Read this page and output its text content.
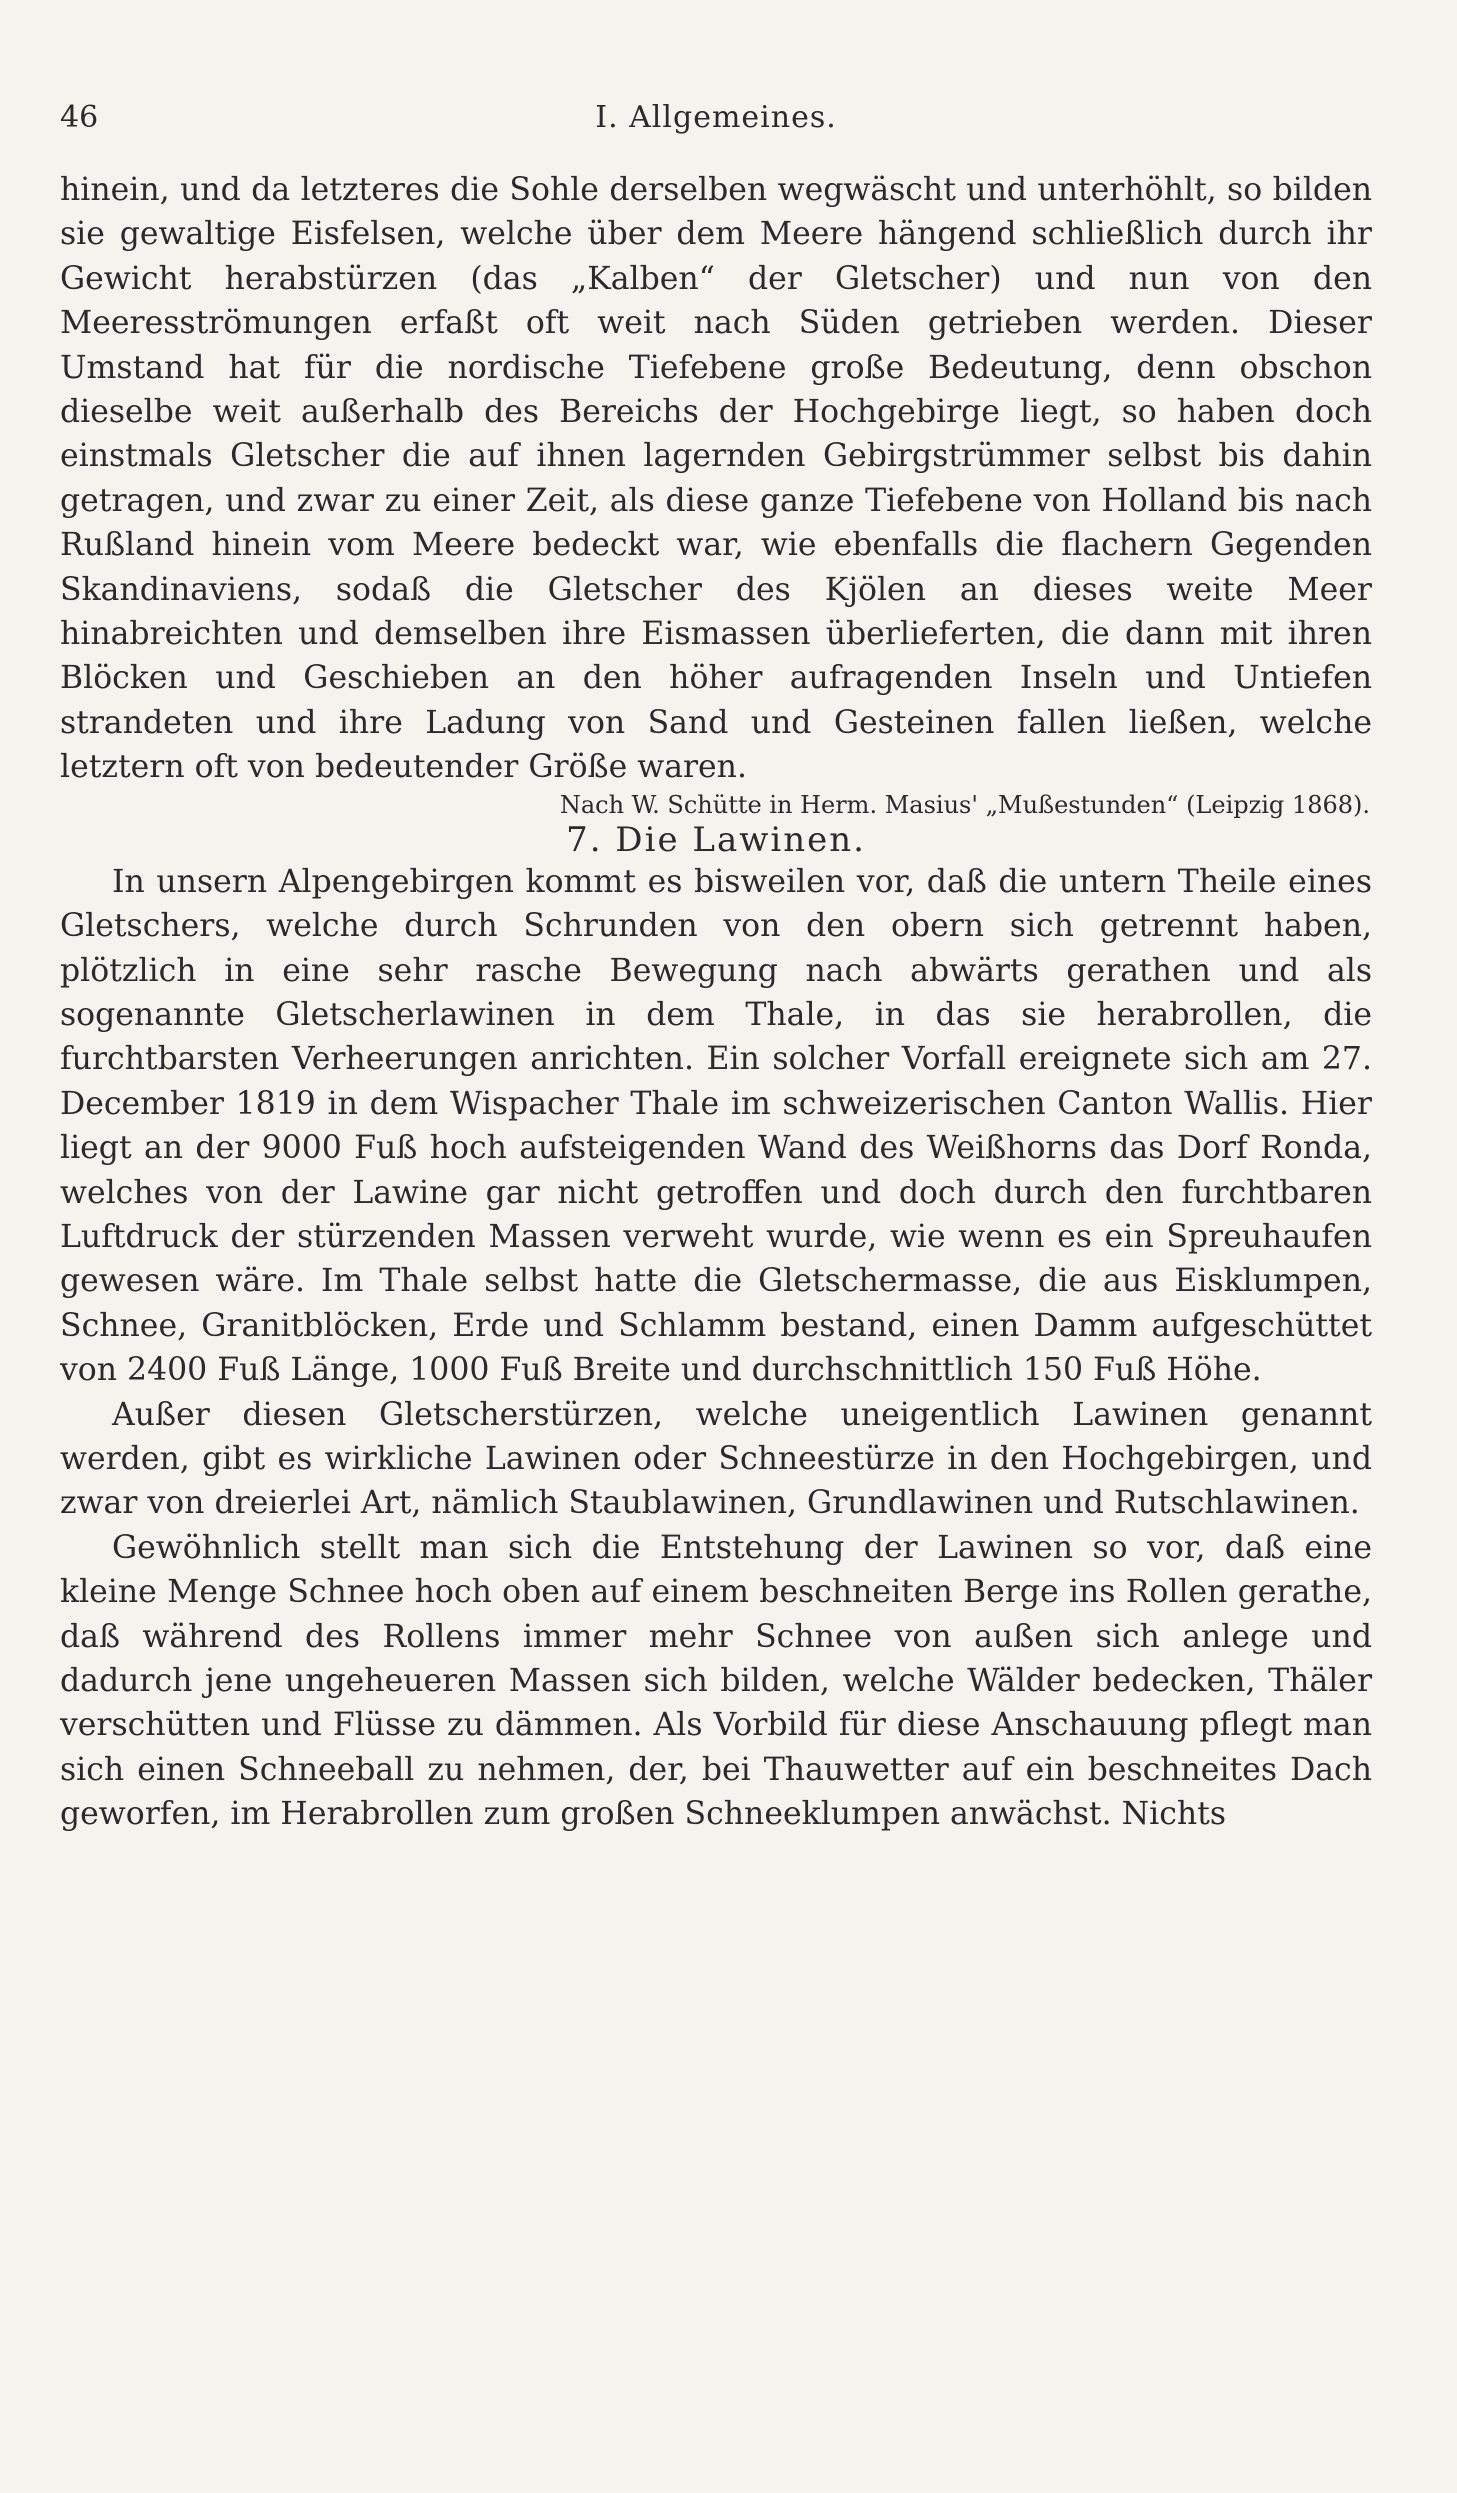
46	I. Allgemeines.

hinein, und da letzteres die Sohle derselben wegwäscht und unterhöhlt, so bilden sie gewaltige Eisfelsen, welche über dem Meere hängend schließlich durch ihr Gewicht herabstürzen (das „Kalben“ der Gletscher) und nun von den Meeresströmungen erfaßt oft weit nach Süden getrieben werden. Dieser Umstand hat für die nordische Tiefebene große Bedeutung, denn obschon dieselbe weit außerhalb des Bereichs der Hochgebirge liegt, so haben doch einstmals Gletscher die auf ihnen lagernden Gebirgstrümmer selbst bis dahin getragen, und zwar zu einer Zeit, als diese ganze Tiefebene von Holland bis nach Rußland hinein vom Meere bedeckt war, wie ebenfalls die flachern Gegenden Skandinaviens, sodaß die Gletscher des Kjölen an dieses weite Meer hinabreichten und demselben ihre Eismassen überlieferten, die dann mit ihren Blöcken und Geschieben an den höher aufragenden Inseln und Untiefen strandeten und ihre Ladung von Sand und Gesteinen fallen ließen, welche letztern oft von bedeutender Größe waren.

Nach W. Schütte in Herm. Masius' „Mußestunden“ (Leipzig 1868).

7. Die Lawinen.

In unsern Alpengebirgen kommt es bisweilen vor, daß die untern Theile eines Gletschers, welche durch Schrunden von den obern sich getrennt haben, plötzlich in eine sehr rasche Bewegung nach abwärts gerathen und als sogenannte Gletscherlawinen in dem Thale, in das sie herabrollen, die furchtbarsten Verheerungen anrichten. Ein solcher Vorfall ereignete sich am 27. December 1819 in dem Wispacher Thale im schweizerischen Canton Wallis. Hier liegt an der 9000 Fuß hoch aufsteigenden Wand des Weißhorns das Dorf Ronda, welches von der Lawine gar nicht getroffen und doch durch den furchtbaren Luftdruck der stürzenden Massen verweht wurde, wie wenn es ein Spreuhaufen gewesen wäre. Im Thale selbst hatte die Gletschermasse, die aus Eisklumpen, Schnee, Granitblöcken, Erde und Schlamm bestand, einen Damm aufgeschüttet von 2400 Fuß Länge, 1000 Fuß Breite und durchschnittlich 150 Fuß Höhe.

Außer diesen Gletscherstürzen, welche uneigentlich Lawinen genannt werden, gibt es wirkliche Lawinen oder Schneestürze in den Hochgebirgen, und zwar von dreierlei Art, nämlich Staublawinen, Grundlawinen und Rutschlawinen.

Gewöhnlich stellt man sich die Entstehung der Lawinen so vor, daß eine kleine Menge Schnee hoch oben auf einem beschneiten Berge ins Rollen gerathe, daß während des Rollens immer mehr Schnee von außen sich anlege und dadurch jene ungeheueren Massen sich bilden, welche Wälder bedecken, Thäler verschütten und Flüsse zu dämmen. Als Vorbild für diese Anschauung pflegt man sich einen Schneeball zu nehmen, der, bei Thauwetter auf ein beschneites Dach geworfen, im Herabrollen zum großen Schneeklumpen anwächst. Nichts
